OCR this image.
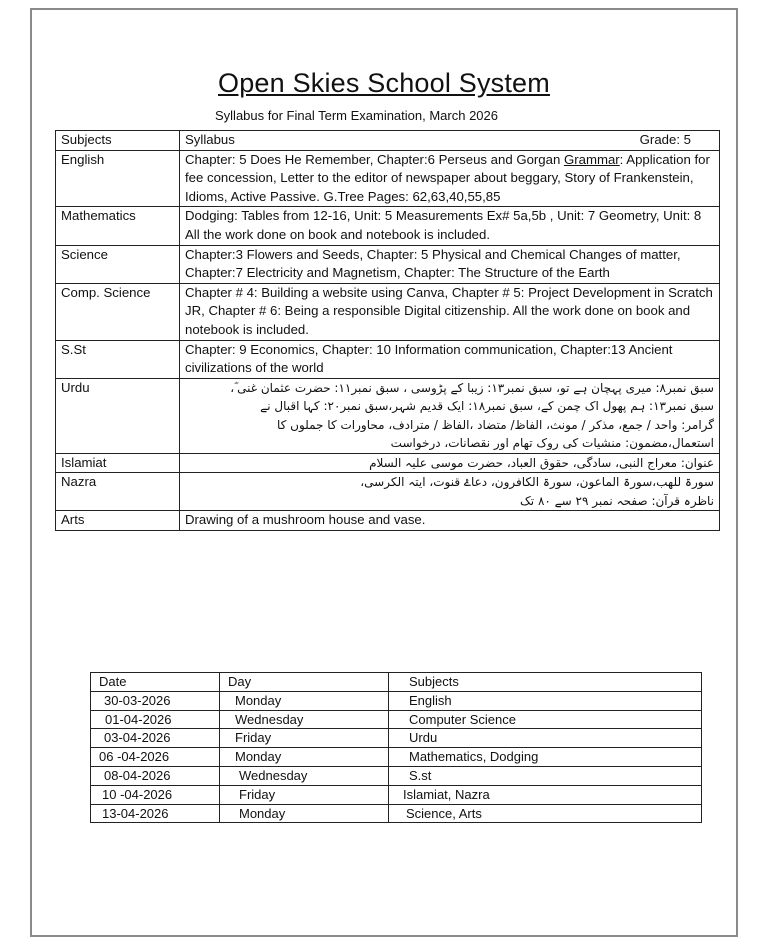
Open Skies School System
Syllabus for Final Term Examination, March 2026
Subjects	Syllabus Grade: 5

English	Chapter: 5 Does He Remember, Chapter:6 Perseus and Gorgan Grammar: Application for fee concession, Letter to the editor of newspaper about beggary, Story of Frankenstein, Idioms, Active Passive. G.Tree Pages: 62,63,40,55,85
Mathematics	Dodging: Tables from 12-16, Unit: 5 Measurements Ex# 5a,5b , Unit: 7 Geometry, Unit: 8
All the work done on book and notebook is included.

Science	Chapter:3 Flowers and Seeds, Chapter: 5 Physical and Chemical Changes of matter, Chapter:7 Electricity and Magnetism, Chapter: The Structure of the Earth
Comp. Science	Chapter # 4: Building a website using Canva, Chapter # 5: Project Development in Scratch JR, Chapter # 6: Being a responsible Digital citizenship. All the work done on book and notebook is included.
S.St	Chapter: 9 Economics, Chapter: 10 Information communication, Chapter:13 Ancient civilizations of the world
Urdu	سبق نمبر۸: میری پہچان ہے تو، سبق نمبر۱۳: زیبا کے پڑوسی ، سبق نمبر۱۱: حضرت عثمان غنی ؓ،
سبق نمبر۱۳: ہم پھول اک چمن کے، سبق نمبر۱۸: ایک قدیم شہر،سبق نمبر۲۰: کہا اقبال نے
گرامر: واحد / جمع، مذکر / مونث، الفاظ/ متضاد ،الفاظ / مترادف، محاورات کا جملوں کا
استعمال،مضمون: منشیات کی روک تھام اور نقصانات، درخواست

Islamiat	عنوان: معراج النبی، سادگی، حقوق العباد، حضرت موسی علیہ السلام
Nazra	سورۃ للھب،سورۃ الماعون، سورۃ الکافرون، دعاۓ قنوت، ایتہ الکرسی،
ناظرہ قرآن: صفحہ نمبر ۲۹ سے ۸۰ تک

Arts	Drawing of a mushroom house and vase.
Date	Day	Subjects
30-03-2026	Monday	English
01-04-2026	Wednesday	Computer Science
03-04-2026	Friday	Urdu
06 -04-2026	Monday	Mathematics, Dodging
08-04-2026	Wednesday	S.st
10 -04-2026	Friday	Islamiat, Nazra
13-04-2026	Monday	Science, Arts
